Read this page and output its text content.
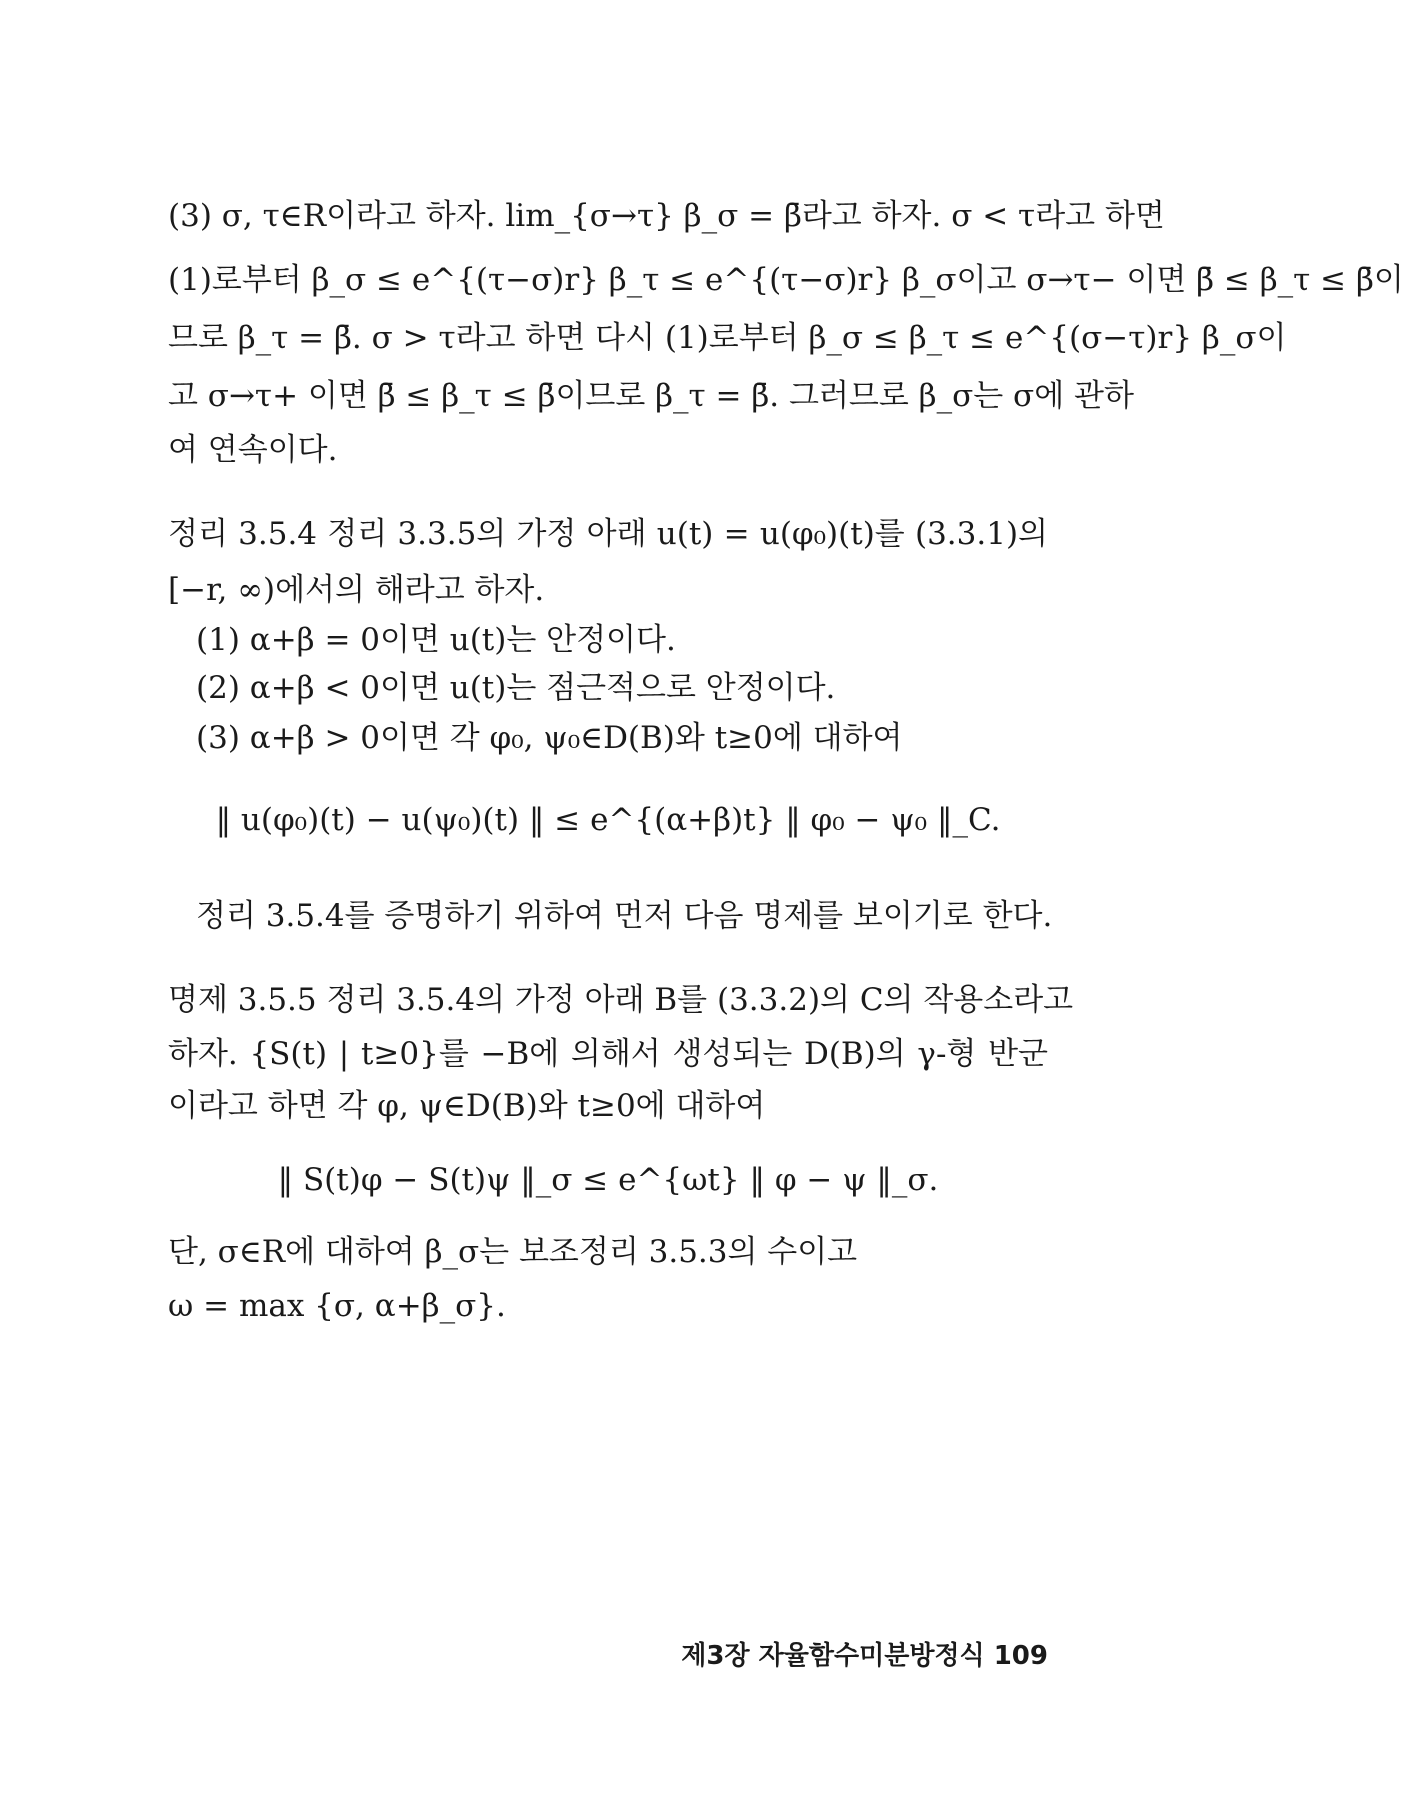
(3) σ, τ∈R이라고 하자. lim_{σ→τ} β_σ = β̄라고 하자. σ < τ라고 하면
(1)로부터 β_σ ≤ e^{(τ−σ)r} β_τ ≤ e^{(τ−σ)r} β_σ이고 σ→τ− 이면 β̄ ≤ β_τ ≤ β̄이
므로 β_τ = β̄. σ > τ라고 하면 다시 (1)로부터 β_σ ≤ β_τ ≤ e^{(σ−τ)r} β_σ이
고 σ→τ+ 이면 β̄ ≤ β_τ ≤ β̄이므로 β_τ = β̄. 그러므로 β_σ는 σ에 관하
여 연속이다.
정리 3.5.4 정리 3.3.5의 가정 아래 u(t) = u(φ₀)(t)를 (3.3.1)의
[−r, ∞)에서의 해라고 하자.
(1) α+β = 0이면 u(t)는 안정이다.
(2) α+β < 0이면 u(t)는 점근적으로 안정이다.
(3) α+β > 0이면 각 φ₀, ψ₀∈D(B)와 t≥0에 대하여
‖ u(φ₀)(t) − u(ψ₀)(t) ‖ ≤ e^{(α+β)t} ‖ φ₀ − ψ₀ ‖_C.
정리 3.5.4를 증명하기 위하여 먼저 다음 명제를 보이기로 한다.
명제 3.5.5 정리 3.5.4의 가정 아래 B를 (3.3.2)의 C의 작용소라고
하자. {S(t) | t≥0}를 −B에 의해서 생성되는 D(B)의 γ-형 반군
이라고 하면 각 φ, ψ∈D(B)와 t≥0에 대하여
‖ S(t)φ − S(t)ψ ‖_σ ≤ e^{ωt} ‖ φ − ψ ‖_σ.
단, σ∈R에 대하여 β_σ는 보조정리 3.5.3의 수이고
ω = max {σ, α+β_σ}.
제3장 자율함수미분방정식 109
